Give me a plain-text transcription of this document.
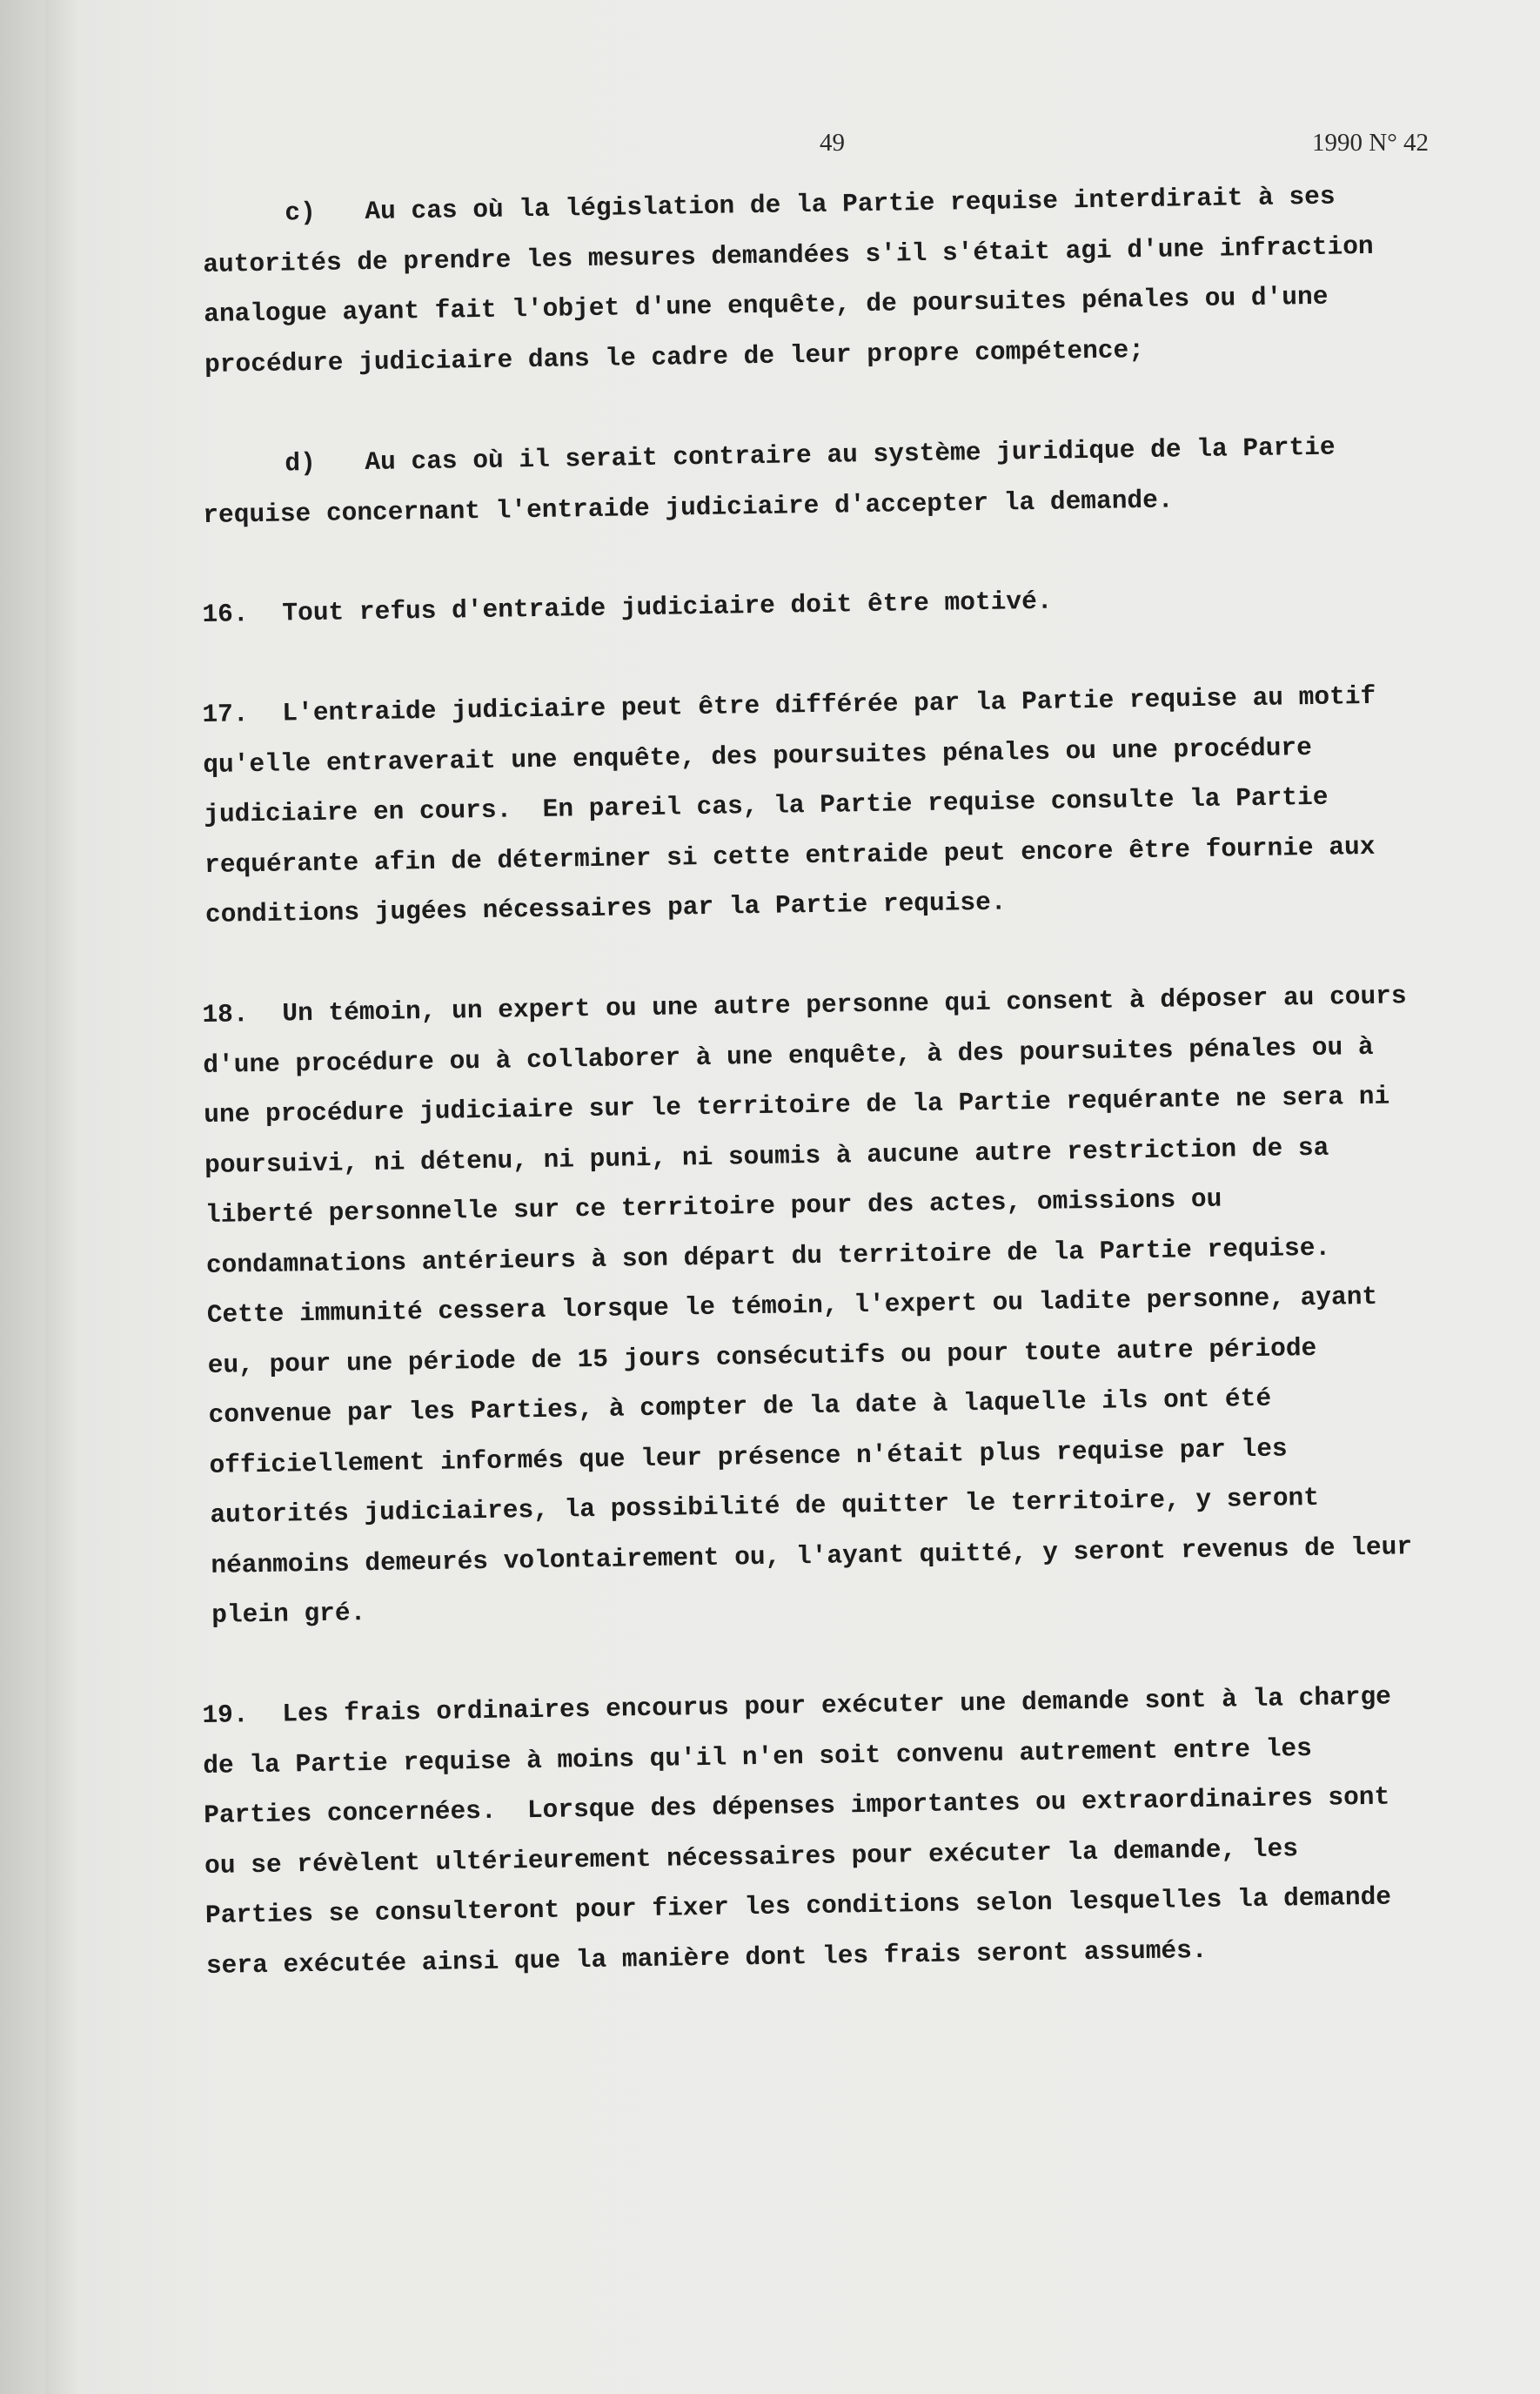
49	1990 N° 42
c) Au cas où la législation de la Partie requise interdirait à ses
autorités de prendre les mesures demandées s'il s'était agi d'une infraction
analogue ayant fait l'objet d'une enquête, de poursuites pénales ou d'une
procédure judiciaire dans le cadre de leur propre compétence;
d) Au cas où il serait contraire au système juridique de la Partie
requise concernant l'entraide judiciaire d'accepter la demande.
16. Tout refus d'entraide judiciaire doit être motivé.
17. L'entraide judiciaire peut être différée par la Partie requise au motif
qu'elle entraverait une enquête, des poursuites pénales ou une procédure
judiciaire en cours.  En pareil cas, la Partie requise consulte la Partie
requérante afin de déterminer si cette entraide peut encore être fournie aux
conditions jugées nécessaires par la Partie requise.
18. Un témoin, un expert ou une autre personne qui consent à déposer au cours
d'une procédure ou à collaborer à une enquête, à des poursuites pénales ou à
une procédure judiciaire sur le territoire de la Partie requérante ne sera ni
poursuivi, ni détenu, ni puni, ni soumis à aucune autre restriction de sa
liberté personnelle sur ce territoire pour des actes, omissions ou
condamnations antérieurs à son départ du territoire de la Partie requise.
Cette immunité cessera lorsque le témoin, l'expert ou ladite personne, ayant
eu, pour une période de 15 jours consécutifs ou pour toute autre période
convenue par les Parties, à compter de la date à laquelle ils ont été
officiellement informés que leur présence n'était plus requise par les
autorités judiciaires, la possibilité de quitter le territoire, y seront
néanmoins demeurés volontairement ou, l'ayant quitté, y seront revenus de leur
plein gré.
19. Les frais ordinaires encourus pour exécuter une demande sont à la charge
de la Partie requise à moins qu'il n'en soit convenu autrement entre les
Parties concernées.  Lorsque des dépenses importantes ou extraordinaires sont
ou se révèlent ultérieurement nécessaires pour exécuter la demande, les
Parties se consulteront pour fixer les conditions selon lesquelles la demande
sera exécutée ainsi que la manière dont les frais seront assumés.
